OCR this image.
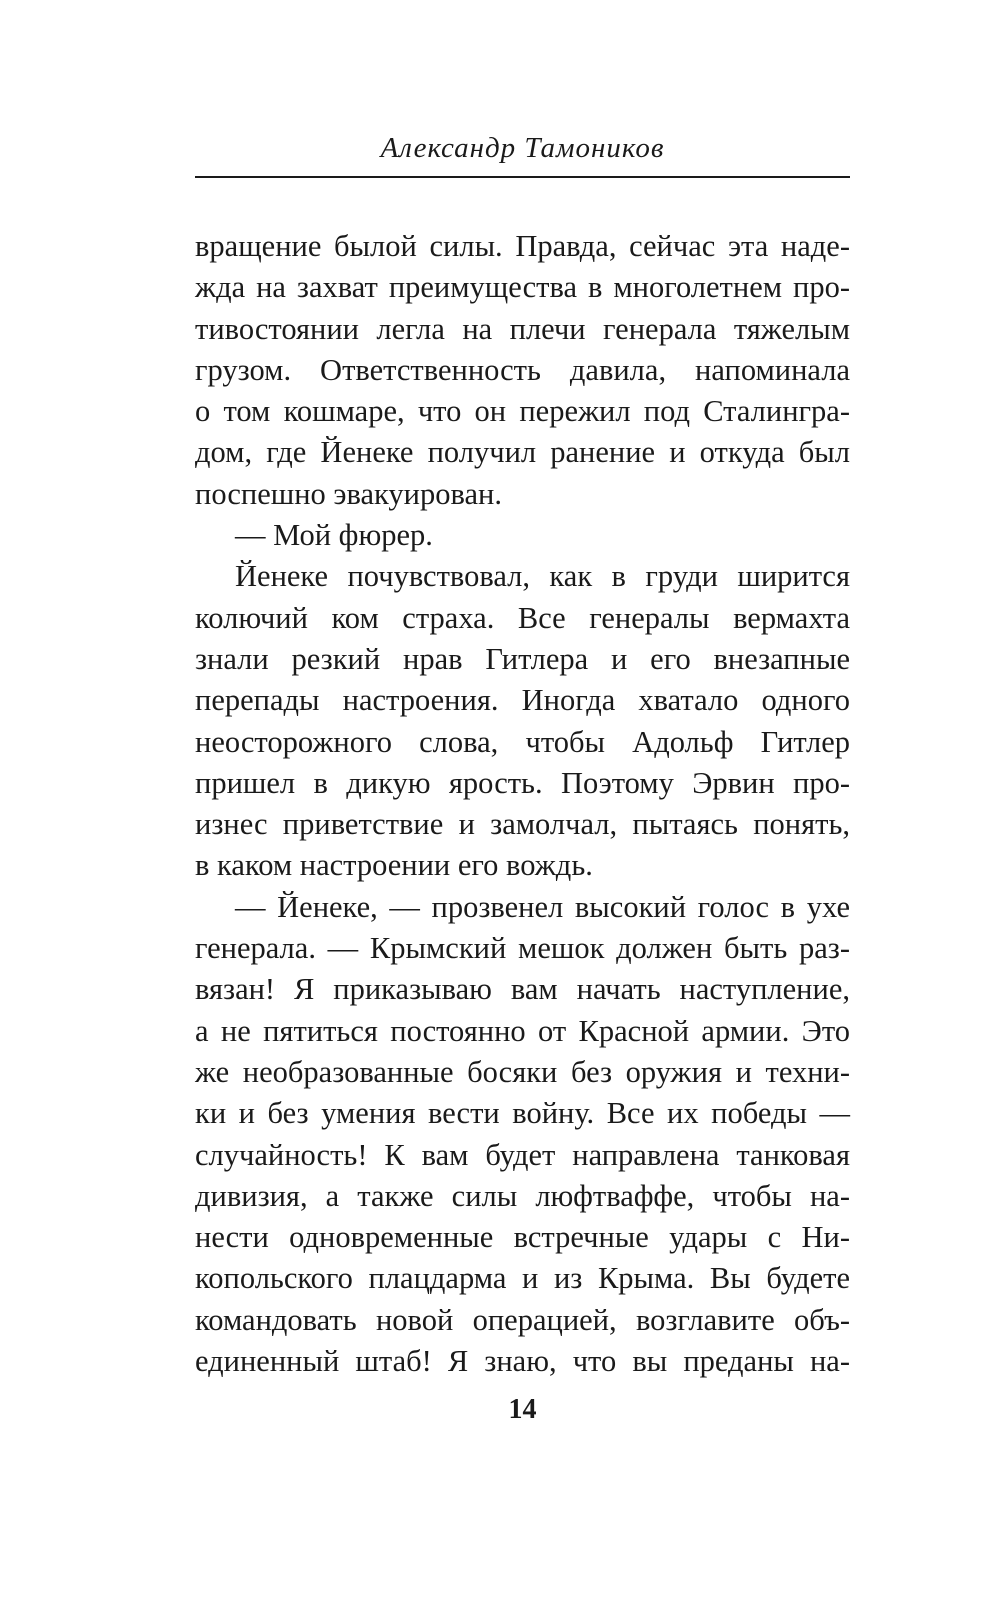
Александр Тамоников
вращение былой силы. Правда, сейчас эта наде-
жда на захват преимущества в многолетнем про-
тивостоянии легла на плечи генерала тяжелым
грузом. Ответственность давила, напоминала
о том кошмаре, что он пережил под Сталингра-
дом, где Йенеке получил ранение и откуда был
поспешно эвакуирован.
— Мой фюрер.
Йенеке почувствовал, как в груди ширится
колючий ком страха. Все генералы вермахта
знали резкий нрав Гитлера и его внезапные
перепады настроения. Иногда хватало одного
неосторожного слова, чтобы Адольф Гитлер
пришел в дикую ярость. Поэтому Эрвин про-
изнес приветствие и замолчал, пытаясь понять,
в каком настроении его вождь.
— Йенеке, — прозвенел высокий голос в ухе
генерала. — Крымский мешок должен быть раз-
вязан! Я приказываю вам начать наступление,
а не пятиться постоянно от Красной армии. Это
же необразованные босяки без оружия и техни-
ки и без умения вести войну. Все их победы —
случайность! К вам будет направлена танковая
дивизия, а также силы люфтваффе, чтобы на-
нести одновременные встречные удары с Ни-
копольского плацдарма и из Крыма. Вы будете
командовать новой операцией, возглавите объ-
единенный штаб! Я знаю, что вы преданы на-
14
